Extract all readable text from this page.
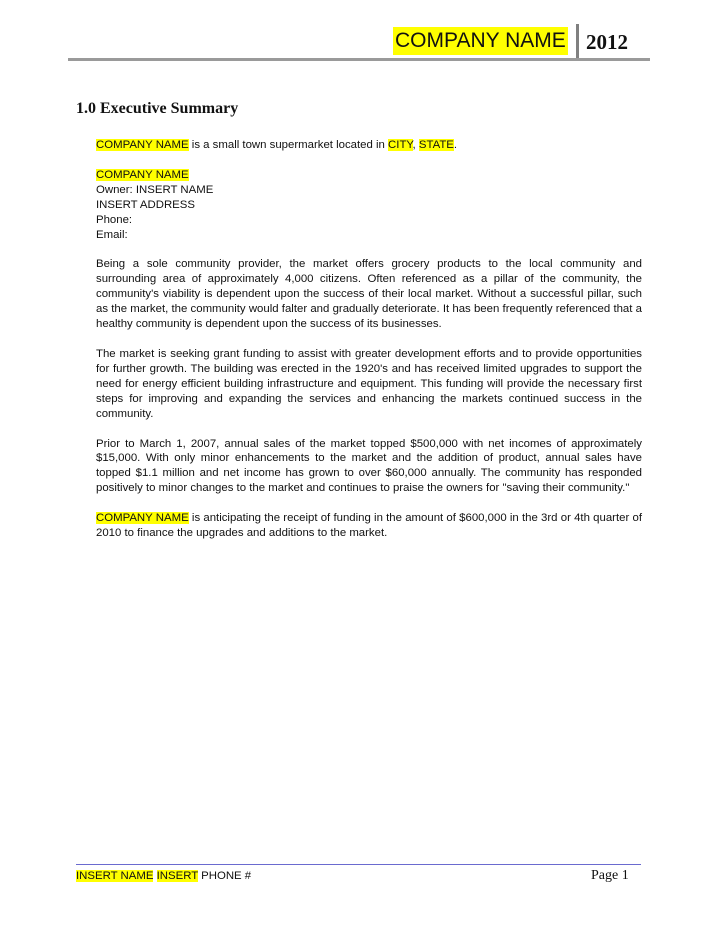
COMPANY NAME 2012
1.0 Executive Summary

COMPANY NAME is a small town supermarket located in CITY, STATE.

COMPANY NAME

Owner: INSERT NAME

INSERT ADDRESS

Phone:

Email:

Being a sole community provider, the market offers grocery products to the local community and surrounding area of approximately 4,000 citizens. Often referenced as a pillar of the community, the community's viability is dependent upon the success of their local market. Without a successful pillar, such as the market, the community would falter and gradually deteriorate. It has been frequently referenced that a healthy community is dependent upon the success of its businesses.

The market is seeking grant funding to assist with greater development efforts and to provide opportunities for further growth. The building was erected in the 1920's and has received limited upgrades to support the need for energy efficient building infrastructure and equipment. This funding will provide the necessary first steps for improving and expanding the services and enhancing the markets continued success in the community.

Prior to March 1, 2007, annual sales of the market topped $500,000 with net incomes of approximately $15,000. With only minor enhancements to the market and the addition of product, annual sales have topped $1.1 million and net income has grown to over $60,000 annually. The community has responded positively to minor changes to the market and continues to praise the owners for "saving their community."

COMPANY NAME is anticipating the receipt of funding in the amount of $600,000 in the 3rd or 4th quarter of 2010 to finance the upgrades and additions to the market.

INSERT NAME INSERT PHONE #	Page 1
